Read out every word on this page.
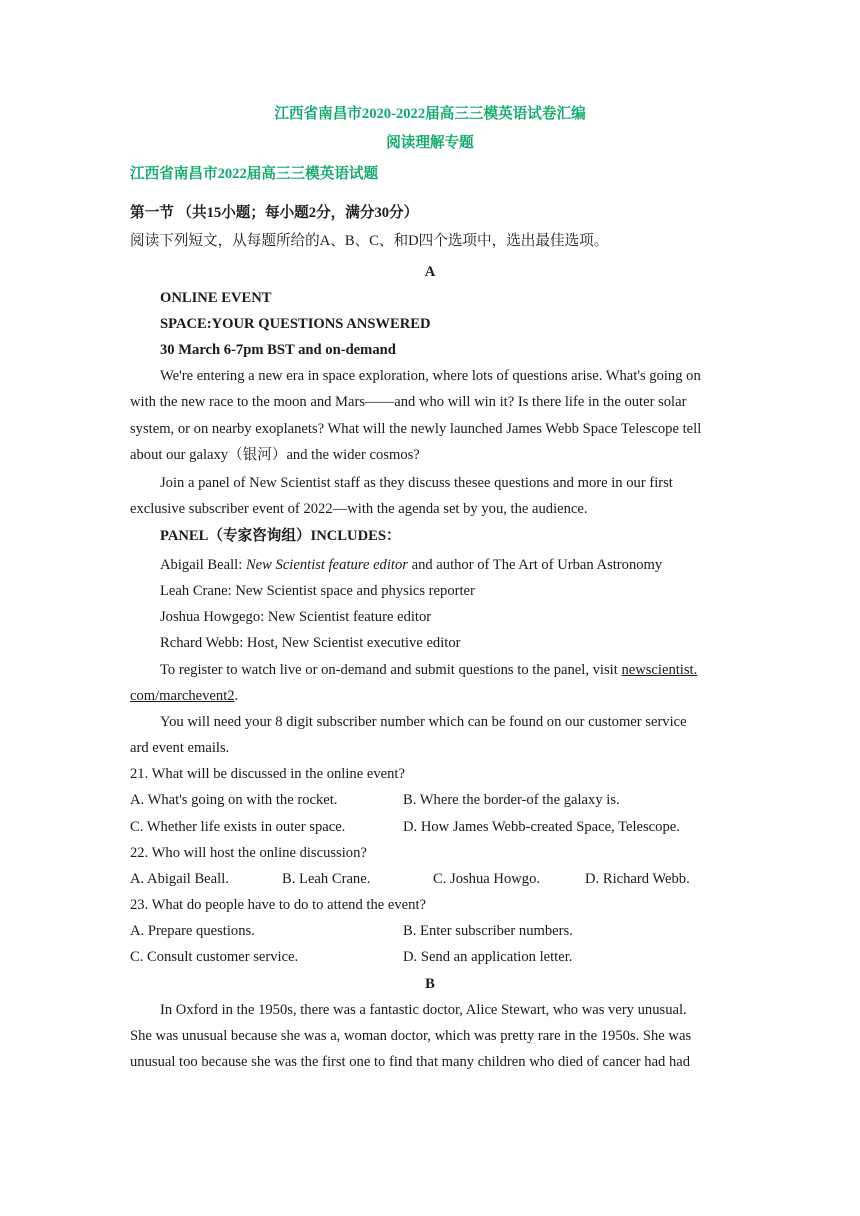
江西省南昌市2020-2022届高三三模英语试卷汇编
阅读理解专题
江西省南昌市2022届高三三模英语试题
第一节 （共15小题；每小题2分，满分30分）
阅读下列短文，从每题所给的A、B、C、和D四个选项中，选出最佳选项。
A
ONLINE EVENT
SPACE:YOUR QUESTIONS ANSWERED
30 March 6-7pm BST and on-demand
We're entering a new era in space exploration, where lots of questions arise. What's going on
with the new race to the moon and Mars——and who will win it? Is there life in the outer solar
system, or on nearby exoplanets? What will the newly launched James Webb Space Telescope tell
about our galaxy（银河）and the wider cosmos?
Join a panel of New Scientist staff as they discuss thesee questions and more in our first
exclusive subscriber event of 2022—with the agenda set by you, the audience.
PANEL（专家咨询组）INCLUDES：
Abigail Beall: New Scientist feature editor and author of The Art of Urban Astronomy
Leah Crane: New Scientist space and physics reporter
Joshua Howgego: New Scientist feature editor
Rchard Webb: Host, New Scientist executive editor
To register to watch live or on-demand and submit questions to the panel, visit newscientist.
com/marchevent2.
You will need your 8 digit subscriber number which can be found on our customer service
ard event emails.
21. What will be discussed in the online event?
A. What's going on with the rocket.	B. Where the border-of the galaxy is.
C. Whether life exists in outer space.	D. How James Webb-created Space, Telescope.
22. Who will host the online discussion?
A. Abigail Beall.	B. Leah Crane.	C. Joshua Howgo.	D. Richard Webb.
23. What do people have to do to attend the event?
A. Prepare questions.	B. Enter subscriber numbers.
C. Consult customer service.	D. Send an application letter.
B
In Oxford in the 1950s, there was a fantastic doctor, Alice Stewart, who was very unusual.
She was unusual because she was a, woman doctor, which was pretty rare in the 1950s. She was
unusual too because she was the first one to find that many children who died of cancer had had
